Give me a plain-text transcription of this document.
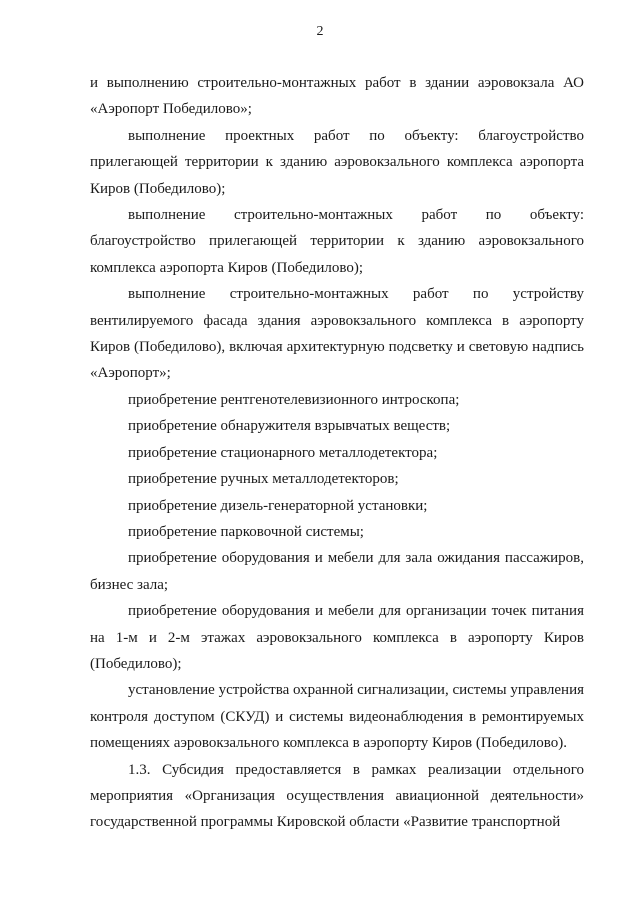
2

и выполнению строительно-монтажных работ в здании аэровокзала АО «Аэропорт Победилово»;

выполнение проектных работ по объекту: благоустройство прилегающей территории к зданию аэровокзального комплекса аэропорта Киров (Победилово);

выполнение строительно-монтажных работ по объекту: благоустройство прилегающей территории к зданию аэровокзального комплекса аэропорта Киров (Победилово);

выполнение строительно-монтажных работ по устройству вентилируемого фасада здания аэровокзального комплекса в аэропорту Киров (Победилово), включая архитектурную подсветку и световую надпись «Аэропорт»;

приобретение рентгенотелевизионного интроскопа;

приобретение обнаружителя взрывчатых веществ;

приобретение стационарного металлодетектора;

приобретение ручных металлодетекторов;

приобретение дизель-генераторной установки;

приобретение парковочной системы;

приобретение оборудования и мебели для зала ожидания пассажиров, бизнес зала;

приобретение оборудования и мебели для организации точек питания на 1-м и 2-м этажах аэровокзального комплекса в аэропорту Киров (Победилово);

установление устройства охранной сигнализации, системы управления контроля доступом (СКУД) и системы видеонаблюдения в ремонтируемых помещениях аэровокзального комплекса в аэропорту Киров (Победилово).

1.3. Субсидия предоставляется в рамках реализации отдельного мероприятия «Организация осуществления авиационной деятельности» государственной программы Кировской области «Развитие транспортной
